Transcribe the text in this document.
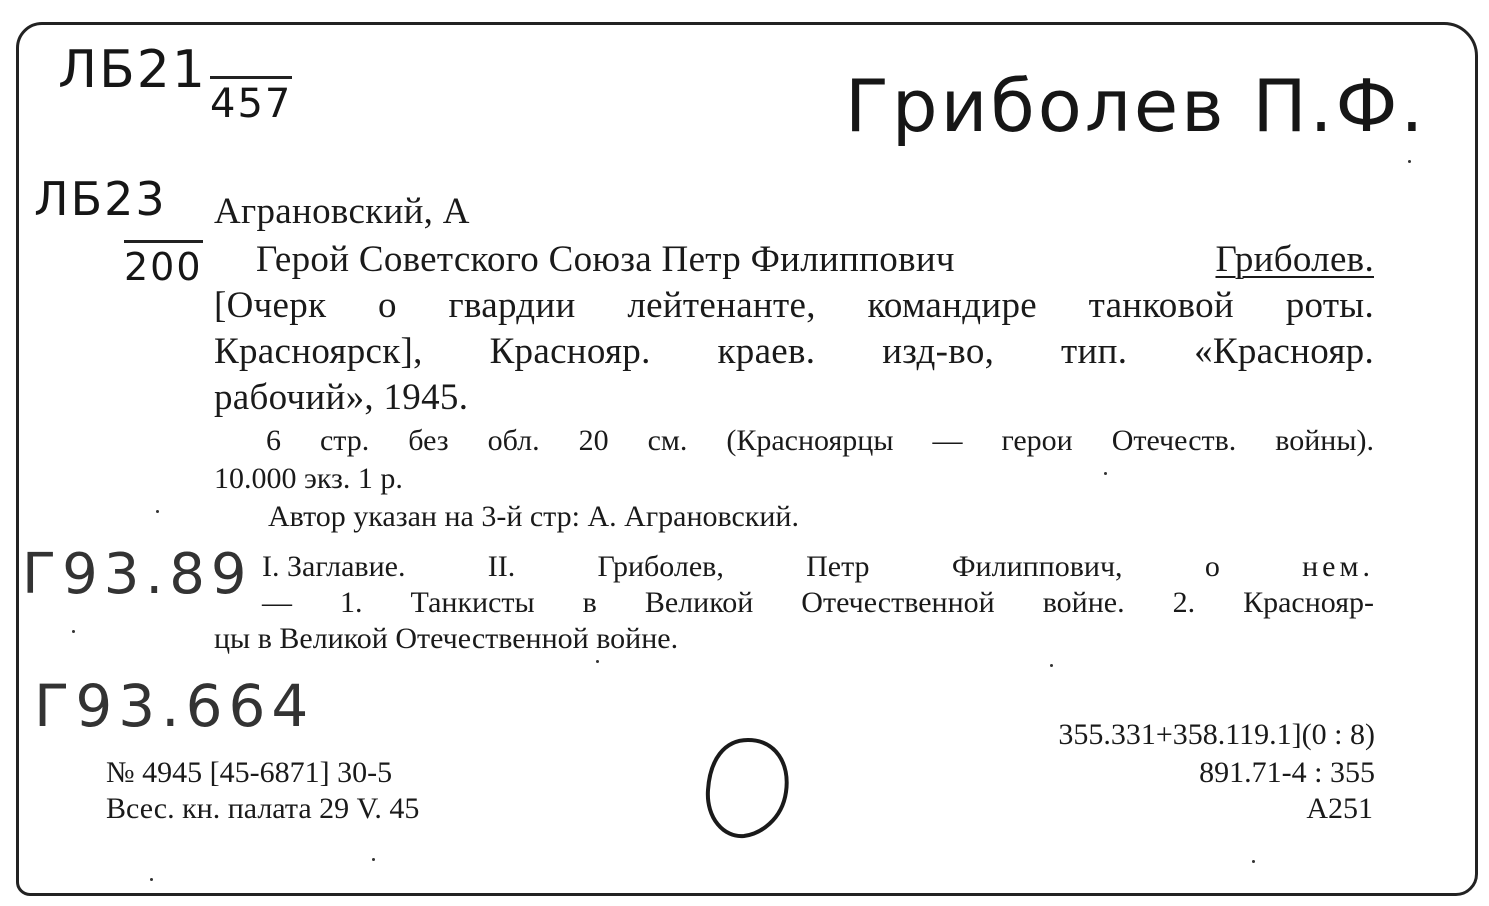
ЛБ21
457	Гриболев П.Ф.
ЛБ23
200
Г93.89
Г93.664
Аграновский, А
Герой Советского Союза Петр Филиппович	Гриболев.
[Очерк о гвардии лейтенанте, командире танковой роты.
Красноярск], Краснояр. краев. изд-во, тип. «Краснояр.
рабочий», 1945.
6 стр. без обл. 20 см. (Красноярцы — герои Отечеств. войны).
10.000 экз. 1 р.
Автор указан на 3-й стр: А. Аграновский.
I. Заглавие.	II.	Гриболев,	Петр	Филиппович,	о	нем.
— 1. Танкисты в Великой Отечественной войне. 2. Краснояр-
цы в Великой Отечественной войне.
№ 4945 [45-6871] 30-5
Всес. кн. палата 29 V. 45
355.331+358.119.1](0 : 8)
891.71-4 : 355
А251
